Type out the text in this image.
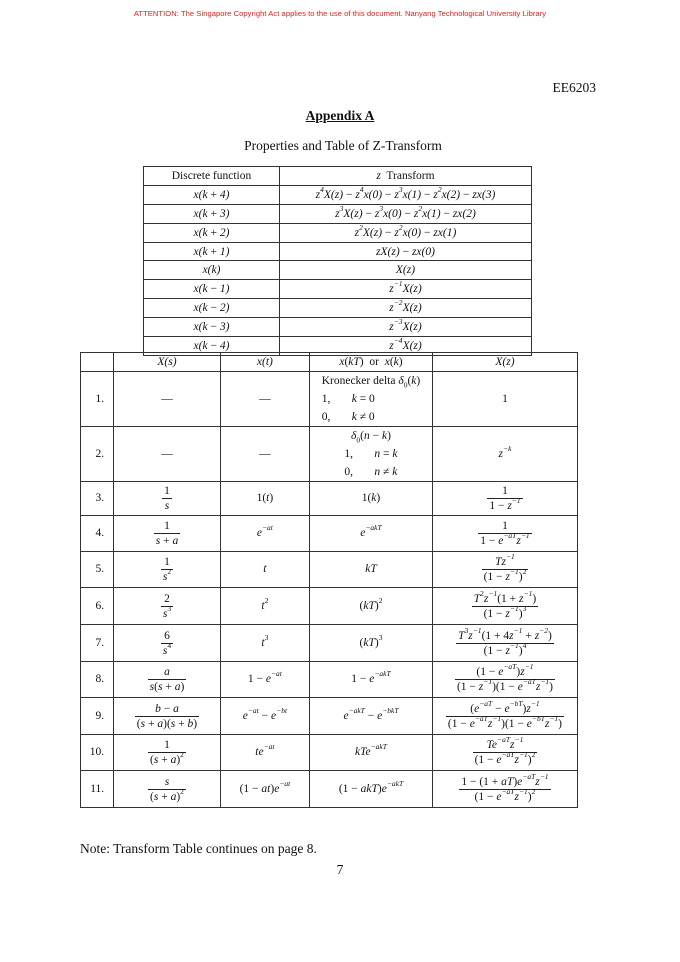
ATTENTION: The Singapore Copyright Act applies to the use of this document. Nanyang Technological University Library
EE6203
Appendix A
Properties and Table of Z-Transform
Discrete function	z  Transform
x(k + 4)	$z^4X(z) - z^4x(0) - z^3x(1) - z^2x(2) - zx(3)$
x(k + 3)	$z^3X(z) - z^3x(0) - z^2x(1) - zx(2)$
x(k + 2)	$z^2X(z) - z^2x(0) - zx(1)$
x(k + 1)	zX(z) − zx(0)
x(k)	X(z)
x(k − 1)	$z^{-1}X(z)$
x(k − 2)	$z^{-2}X(z)$
x(k − 3)	$z^{-3}X(z)$
x(k − 4)	$z^{-4}X(z)$
	X(s)	x(t)	x(kT)  or  x(k)	X(z)
1.	—	—	Kronecker delta $\delta_0(k)$
1, k = 0
0, k ≠ 0	1
2.	—	—	$\delta_0(n - k)$
1, n = k
0, n ≠ k	$z^{-k}$
3.	$\frac{1}{s}$	1(t)	1(k)	$\frac{1}{1 - z^{-1}}$

4.	$\frac{1}{s + a}$	$e^{-at}$	$e^{-akT}$	$\frac{1}{1 - e^{-aT}z^{-1}}$

5.	$\frac{1}{s^2}$	t	kT	$\frac{Tz^{-1}}{(1 - z^{-1})^2}$

6.	$\frac{2}{s^3}$	$t^2$	(kT)$^2$	$\frac{T^2z^{-1}(1 + z^{-1})}{(1 - z^{-1})^3}$

7.	$\frac{6}{s^4}$	$t^3$	(kT)$^3$	$\frac{T^3z^{-1}(1 + 4z^{-1} + z^{-2})}{(1 - z^{-1})^4}$

8.	$\frac{a}{s(s + a)}$	$1 - e^{-at}$	$1 - e^{-akT}$	$\frac{(1 - e^{-aT})z^{-1}}{(1 - z^{-1})(1 - e^{-aT}z^{-1})}$

9.	$\frac{b - a}{(s + a)(s + b)}$	$e^{-at} - e^{-bt}$	$e^{-akT} - e^{-bkT}$	$\frac{(e^{-aT} - e^{-bT})z^{-1}}{(1 - e^{-aT}z^{-1})(1 - e^{-bT}z^{-1})}$

10.	$\frac{1}{(s + a)^2}$	$te^{-at}$	kTe$^{-akT}$	$\frac{Te^{-aT}z^{-1}}{(1 - e^{-aT}z^{-1})^2}$

11.	$\frac{s}{(s + a)^2}$	$(1 - at)e^{-at}$	$(1 - akT)e^{-akT}$	$\frac{1 - (1 + aT)e^{-aT}z^{-1}}{(1 - e^{-aT}z^{-1})^2}$
Note: Transform Table continues on page 8.
7
